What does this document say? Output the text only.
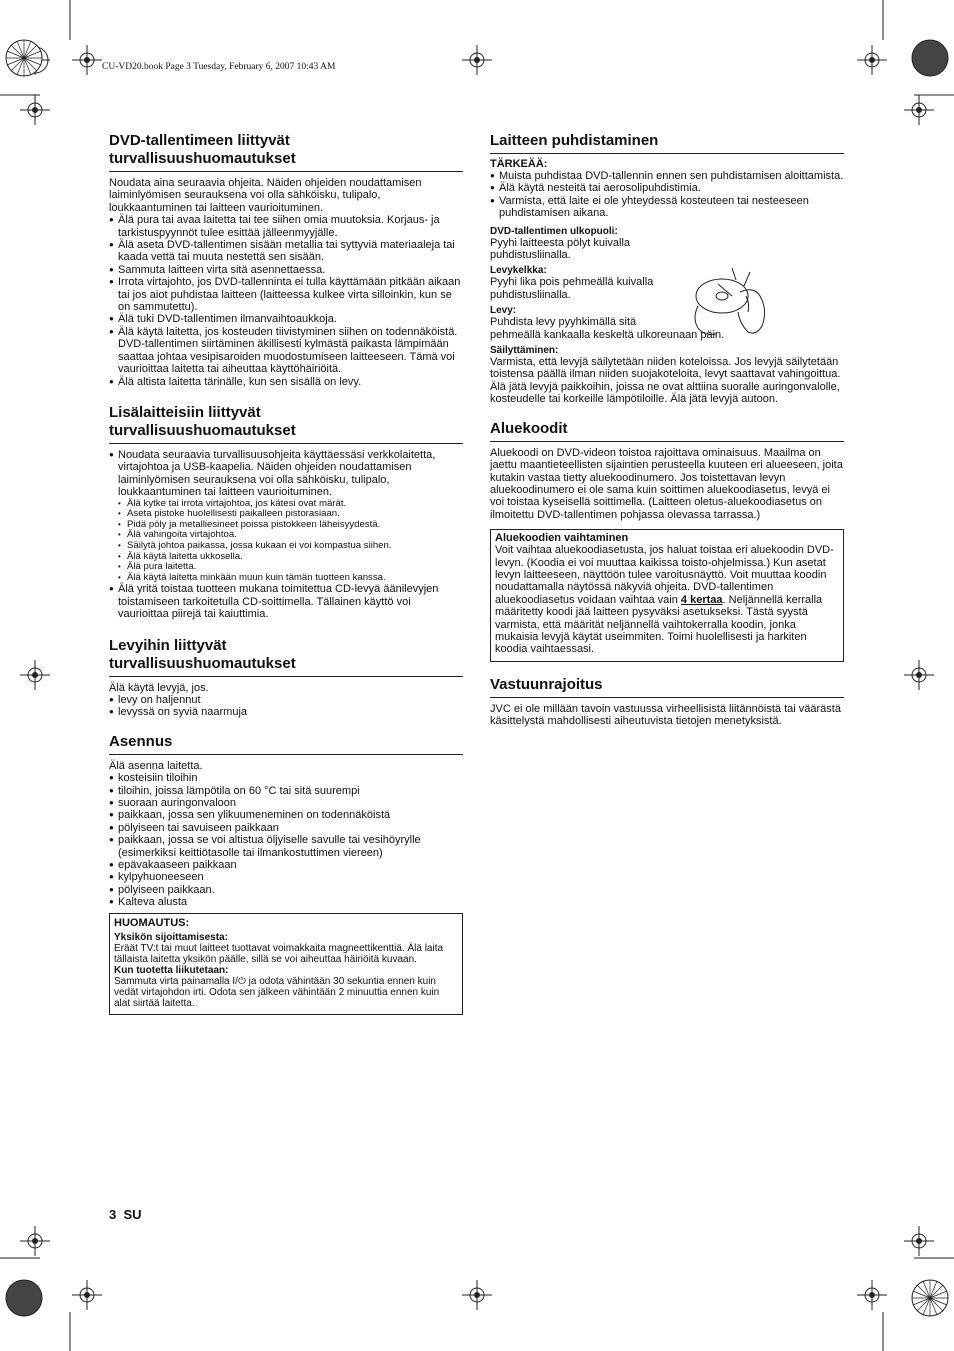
CU-VD20.book Page 3 Tuesday, February 6, 2007 10:43 AM
DVD-tallentimeen liittyvät
turvallisuushuomautukset

Noudata aina seuraavia ohjeita. Näiden ohjeiden noudattamisen laiminlyömisen seurauksena voi olla sähköisku, tulipalo, loukkaantuminen tai laitteen vaurioituminen.

● Älä pura tai avaa laitetta tai tee siihen omia muutoksia. Korjaus- ja tarkistuspyynnöt tulee esittää jälleenmyyjälle.
● Älä aseta DVD-tallentimen sisään metallia tai syttyviä materiaaleja tai kaada vettä tai muuta nestettä sen sisään.
● Sammuta laitteen virta sitä asennettaessa.
● Irrota virtajohto, jos DVD-tallenninta ei tulla käyttämään pitkään aikaan tai jos aiot puhdistaa laitteen (laitteessa kulkee virta silloinkin, kun se on sammutettu).
● Älä tuki DVD-tallentimen ilmanvaihtoaukkoja.
● Älä käytä laitetta, jos kosteuden tiivistyminen siihen on todennäköistä. DVD-tallentimen siirtäminen äkillisesti kylmästä paikasta lämpimään saattaa johtaa vesipisaroiden muodostumiseen laitteeseen. Tämä voi vaurioittaa laitetta tai aiheuttaa käyttöhäiriöitä.
● Älä altista laitetta tärinälle, kun sen sisällä on levy.
Lisälaitteisiin liittyvät
turvallisuushuomautukset
● Noudata seuraavia turvallisuusohjeita käyttäessäsi verkkolaitetta, virtajohtoa ja USB-kaapelia. Näiden ohjeiden noudattamisen laiminlyömisen seurauksena voi olla sähköisku, tulipalo, loukkaantuminen tai laitteen vaurioituminen.
• Älä kytke tai irrota virtajohtoa, jos kätesi ovat märät.
• Aseta pistoke huolellisesti paikalleen pistorasiaan.
• Pidä pöly ja metalliesineet poissa pistokkeen läheisyydestä.
• Älä vahingoita virtajohtoa.
• Säilytä johtoa paikassa, jossa kukaan ei voi kompastua siihen.
• Älä käytä laitetta ukkosella.
• Älä pura laitetta.
• Älä käytä laitetta minkään muun kuin tämän tuotteen kanssa.
● Älä yritä toistaa tuotteen mukana toimitettua CD-levyä äänilevyjen toistamiseen tarkoitetulla CD-soittimella. Tällainen käyttö voi vaurioittaa piirejä tai kaiuttimia.
Levyihin liittyvät
turvallisuushuomautukset

Älä käytä levyjä, jos.

● levy on haljennut
● levyssä on syviä naarmuja
Asennus

Älä asenna laitetta.

● kosteisiin tiloihin
● tiloihin, joissa lämpötila on 60 °C tai sitä suurempi
● suoraan auringonvaloon
● paikkaan, jossa sen ylikuumeneminen on todennäköistä
● pölyiseen tai savuiseen paikkaan
● paikkaan, jossa se voi altistua öljyiselle savulle tai vesihöyrylle (esimerkiksi keittiötasolle tai ilmankostuttimen viereen)
● epävakaaseen paikkaan
● kylpyhuoneeseen
● pölyiseen paikkaan.
● Kalteva alusta
HUOMAUTUS:
Yksikön sijoittamisesta:
Eräät TV:t tai muut laitteet tuottavat voimakkaita magneettikenttiä. Älä laita tällaista laitetta yksikön päälle, sillä se voi aiheuttaa häiriöitä kuvaan.
Kun tuotetta liikutetaan:
Sammuta virta painamalla I/⏻ ja odota vähintään 30 sekuntia ennen kuin vedät virtajohdon irti. Odota sen jälkeen vähintään 2 minuuttia ennen kuin alat siirtää laitetta.
Laitteen puhdistaminen
TÄRKEÄÄ:
● Muista puhdistaa DVD-tallennin ennen sen puhdistamisen aloittamista.
● Älä käytä nesteitä tai aerosolipuhdistimia.
● Varmista, että laite ei ole yhteydessä kosteuteen tai nesteeseen puhdistamisen aikana.
DVD-tallentimen ulkopuoli:
Pyyhi laitteesta pölyt kuivalla puhdistusliinalla.
Levykelkka:
Pyyhi lika pois pehmeällä kuivalla puhdistusliinalla.
Levy:
Puhdista levy pyyhkimällä sitä
pehmeällä kankaalla keskeltä ulkoreunaan päin.
Säilyttäminen:
Varmista, että levyjä säilytetään niiden koteloissa. Jos levyjä säilytetään toistensa päällä ilman niiden suojakoteloita, levyt saattavat vahingoittua. Älä jätä levyjä paikkoihin, joissa ne ovat alttiina suoralle auringonvalolle, kosteudelle tai korkeille lämpötiloille. Älä jätä levyjä autoon.
Aluekoodit

Aluekoodi on DVD-videon toistoa rajoittava ominaisuus. Maailma on jaettu maantieteellisten sijaintien perusteella kuuteen eri alueeseen, joita kutakin vastaa tietty aluekoodinumero. Jos toistettavan levyn aluekoodinumero ei ole sama kuin soittimen aluekoodiasetus, levyä ei voi toistaa kyseisellä soittimella. (Laitteen oletus-aluekoodiasetus on ilmoitettu DVD-tallentimen pohjassa olevassa tarrassa.)

Aluekoodien vaihtaminen
Voit vaihtaa aluekoodiasetusta, jos haluat toistaa eri aluekoodin DVD-levyn. (Koodia ei voi muuttaa kaikissa toisto-ohjelmissa.) Kun asetat levyn laitteeseen, näyttöön tulee varoitusnäyttö. Voit muuttaa koodin noudattamalla näytössä näkyviä ohjeita. DVD-tallentimen aluekoodiasetus voidaan vaihtaa vain 4 kertaa. Neljännellä kerralla määritetty koodi jää laitteen pysyväksi asetukseksi. Tästä syystä varmista, että määrität neljännellä vaihtokerralla koodin, jonka mukaisia levyjä käytät useimmiten. Toimi huolellisesti ja harkiten koodia vaihtaessasi.
Vastuunrajoitus

JVC ei ole millään tavoin vastuussa virheellisistä liitännöistä tai väärästä käsittelystä mahdollisesti aiheutuvista tietojen menetyksistä.

3 SU
